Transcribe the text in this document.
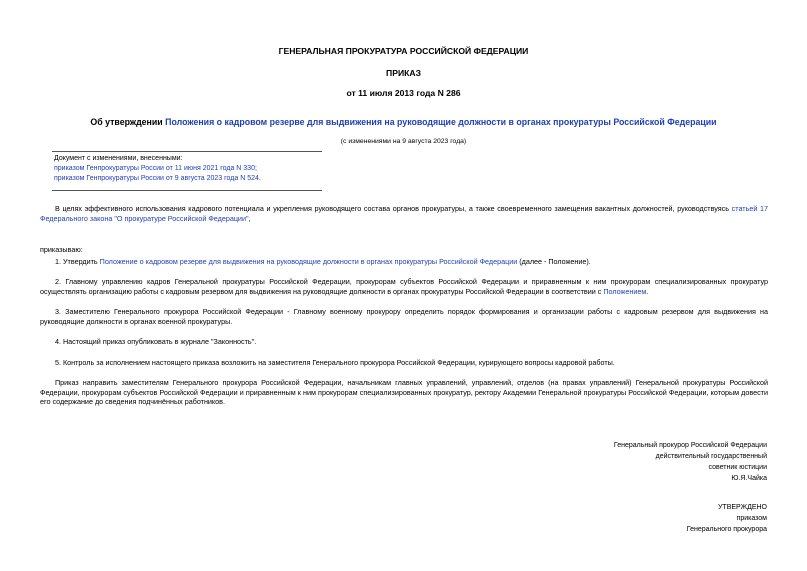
ГЕНЕРАЛЬНАЯ ПРОКУРАТУРА РОССИЙСКОЙ ФЕДЕРАЦИИ
ПРИКАЗ
от 11 июля 2013 года N 286
Об утверждении Положения о кадровом резерве для выдвижения на руководящие должности в органах прокуратуры Российской Федерации
(с изменениями на 9 августа 2023 года)
Документ с изменениями, внесенными:
приказом Генпрокуратуры России от 11 июня 2021 года N 330;
приказом Генпрокуратуры России от 9 августа 2023 года N 524.
В целях эффективного использования кадрового потенциала и укрепления руководящего состава органов прокуратуры, а также своевременного замещения вакантных должностей, руководствуясь статьей 17 Федерального закона "О прокуратуре Российской Федерации",
приказываю:
1. Утвердить Положение о кадровом резерве для выдвижения на руководящие должности в органах прокуратуры Российской Федерации (далее - Положение).
2. Главному управлению кадров Генеральной прокуратуры Российской Федерации, прокурорам субъектов Российской Федерации и приравненным к ним прокурорам специализированных прокуратур осуществлять организацию работы с кадровым резервом для выдвижения на руководящие должности в органах прокуратуры Российской Федерации в соответствии с Положением.
3. Заместителю Генерального прокурора Российской Федерации - Главному военному прокурору определить порядок формирования и организации работы с кадровым резервом для выдвижения на руководящие должности в органах военной прокуратуры.
4. Настоящий приказ опубликовать в журнале "Законность".
5. Контроль за исполнением настоящего приказа возложить на заместителя Генерального прокурора Российской Федерации, курирующего вопросы кадровой работы.
Приказ направить заместителям Генерального прокурора Российской Федерации, начальникам главных управлений, управлений, отделов (на правах управлений) Генеральной прокуратуры Российской Федерации, прокурорам субъектов Российской Федерации и приравненным к ним прокурорам специализированных прокуратур, ректору Академии Генеральной прокуратуры Российской Федерации, которым довести его содержание до сведения подчинённых работников.
Генеральный прокурор Российской Федерации
действительный государственный
советник юстиции
Ю.Я.Чайка
УТВЕРЖДЕНО
приказом
Генерального прокурора
